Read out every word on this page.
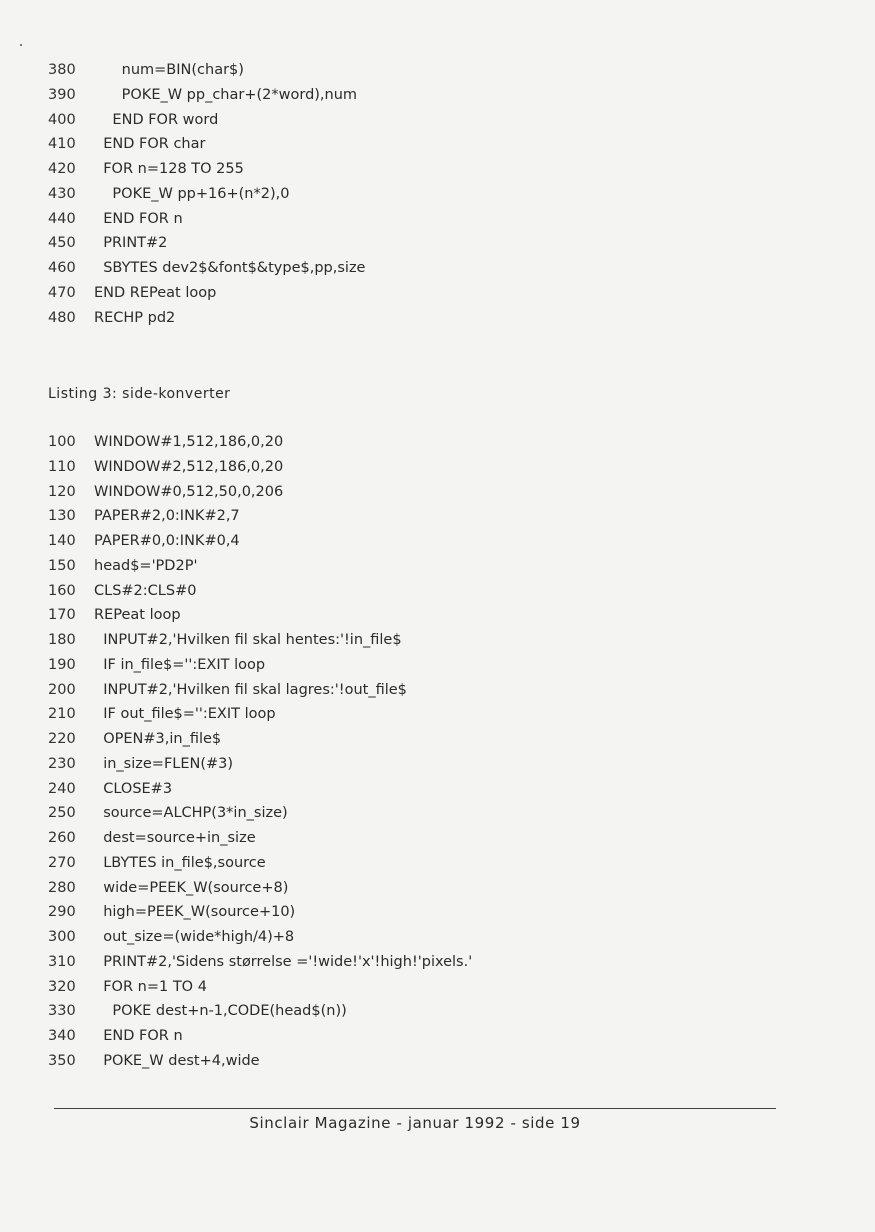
380      num=BIN(char$)
390      POKE_W pp_char+(2*word),num
400    END FOR word
410  END FOR char
420  FOR n=128 TO 255
430    POKE_W pp+16+(n*2),0
440  END FOR n
450  PRINT#2
460  SBYTES dev2$&font$&type$,pp,size
470 END REPeat loop
480 RECHP pd2
Listing 3: side-konverter
100 WINDOW#1,512,186,0,20
110 WINDOW#2,512,186,0,20
120 WINDOW#0,512,50,0,206
130 PAPER#2,0:INK#2,7
140 PAPER#0,0:INK#0,4
150 head$='PD2P'
160 CLS#2:CLS#0
170 REPeat loop
180  INPUT#2,'Hvilken fil skal hentes:'!in_file$
190  IF in_file$='':EXIT loop
200  INPUT#2,'Hvilken fil skal lagres:'!out_file$
210  IF out_file$='':EXIT loop
220  OPEN#3,in_file$
230  in_size=FLEN(#3)
240  CLOSE#3
250  source=ALCHP(3*in_size)
260  dest=source+in_size
270  LBYTES in_file$,source
280  wide=PEEK_W(source+8)
290  high=PEEK_W(source+10)
300  out_size=(wide*high/4)+8
310  PRINT#2,'Sidens størrelse ='!wide!'x'!high!'pixels.'
320  FOR n=1 TO 4
330    POKE dest+n-1,CODE(head$(n))
340  END FOR n
350  POKE_W dest+4,wide
Sinclair Magazine - januar 1992 - side 19
